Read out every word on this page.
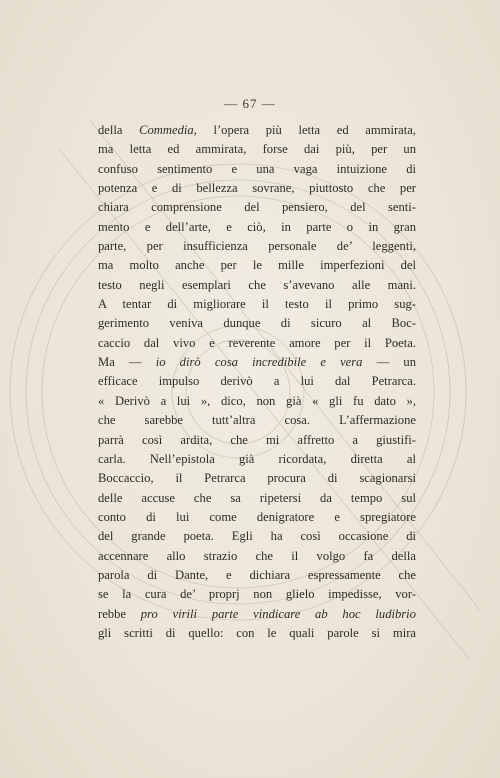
— 67 —
della Commedia, l’opera più letta ed ammirata,
ma letta ed ammirata, forse dai più, per un
confuso sentimento e una vaga intuizione di
potenza e di bellezza sovrane, piuttosto che per
chiara comprensione del pensiero, del senti-
mento e dell’arte, e ciò, in parte o in gran
parte, per insufficienza personale de’ leggenti,
ma molto anche per le mille imperfezioni del
testo negli esemplari che s’avevano alle mani.
A tentar di migliorare il testo il primo sug-
gerimento veniva dunque di sicuro al Boc-
caccio dal vivo e reverente amore per il Poeta.
Ma — io dirò cosa incredibile e vera — un
efficace impulso derivò a lui dal Petrarca.
« Derivò a lui », dico, non già « gli fu dato »,
che sarebbe tutt’altra cosa. L’affermazione
parrà così ardita, che mi affretto a giustifi-
carla. Nell’epistola già ricordata, diretta al
Boccaccio, il Petrarca procura di scagionarsi
delle accuse che sa ripetersi da tempo sul
conto di lui come denigratore e spregiatore
del grande poeta. Egli ha così occasione di
accennare allo strazio che il volgo fa della
parola di Dante, e dichiara espressamente che
se la cura de’ proprj non glielo impedisse, vor-
rebbe pro virili parte vindicare ab hoc ludibrio
gli scritti di quello: con le quali parole si mira
